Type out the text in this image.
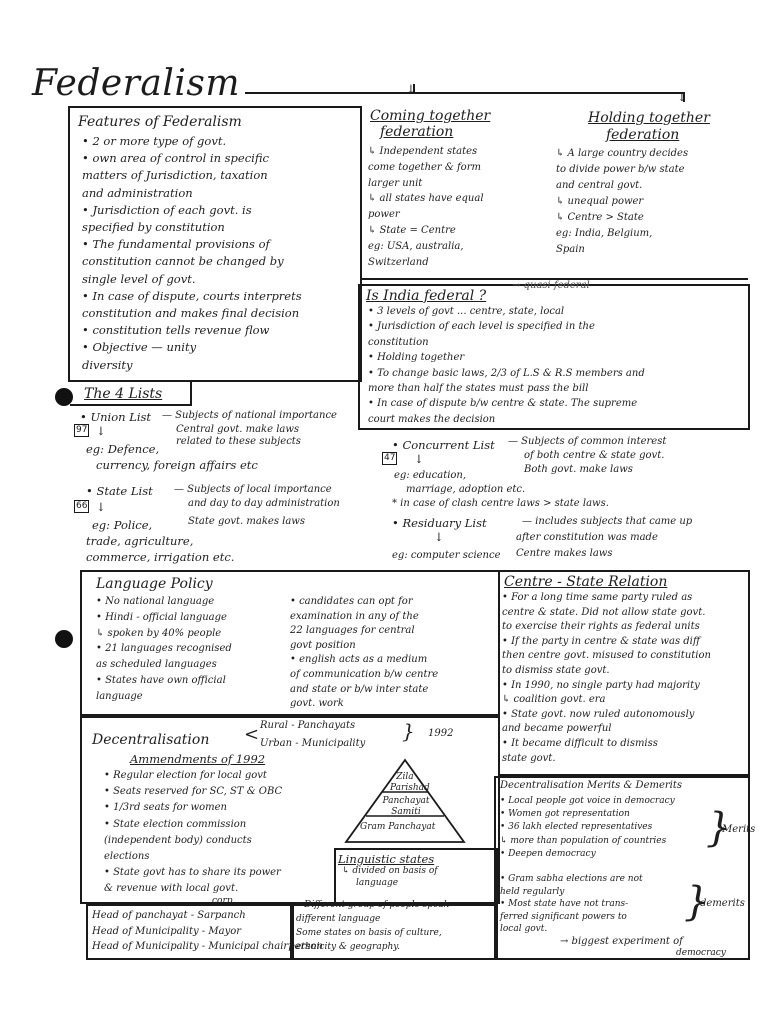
Federalism	↓
↓
Features of Federalism
• 2 or more type of govt.
• own area of control in specific
matters of Jurisdiction, taxation
and administration
• Jurisdiction of each govt. is
specified by constitution
• The fundamental provisions of
constitution cannot be changed by
single level of govt.
• In case of dispute, courts interprets
constitution and makes final decision
• constitution tells revenue flow
• Objective — unity
diversity
Coming together
federation
↳ Independent states
come together & form
larger unit
↳ all states have equal
power
↳ State = Centre
eg: USA, australia,
Switzerland
Holding together
federation
↳ A large country decides
to divide power b/w state
and central govt.
↳ unequal power
↳ Centre > State
eg: India, Belgium,
Spain
Is India federal ?
→ quasi federal
• 3 levels of govt ... centre, state, local
• Jurisdiction of each level is specified in the
constitution
• Holding together
• To change basic laws, 2/3 of L.S & R.S members and
more than half the states must pass the bill
• In case of dispute b/w centre & state. The supreme
court makes the decision
The 4 Lists
• Union List
97 ↓
— Subjects of national importance
Central govt. make laws
related to these subjects
eg: Defence,
currency, foreign affairs etc
• State List
66 ↓
— Subjects of local importance
and day to day administration
State govt. makes laws
eg: Police,
trade, agriculture,
commerce, irrigation etc.
• Concurrent List
47 ↓
— Subjects of common interest
of both centre & state govt.
Both govt. make laws
eg: education,
marriage, adoption etc.
* in case of clash centre laws > state laws.
• Residuary List
↓
— includes subjects that came up
after constitution was made
Centre makes laws
eg: computer science
Language Policy
• No national language
• Hindi - official language
↳ spoken by 40% people
• 21 languages recognised
as scheduled languages
• States have own official
language
• candidates can opt for
examination in any of the
22 languages for central
govt position
• english acts as a medium
of communication b/w centre
and state or b/w inter state
govt. work
Centre - State Relation
• For a long time same party ruled as
centre & state. Did not allow state govt.
to exercise their rights as federal units
• If the party in centre & state was diff
then centre govt. misused to constitution
to dismiss state govt.
• In 1990, no single party had majority
↳ coalition govt. era
• State govt. now ruled autonomously
and became powerful
• It became difficult to dismiss
state govt.
Decentralisation < Rural - Panchayats
Urban - Municipality
} 1992
Ammendments of 1992
• Regular election for local govt
• Seats reserved for SC, ST & OBC
• 1/3rd seats for women
• State election commission
(independent body) conducts
elections
• State govt has to share its power
& revenue with local govt.
Zila Parishad
Panchayat Samiti
Gram Panchayat
Linguistic states
↳ divided on basis of
language
Head of panchayat - Sarpanch
Head of Municipality - Mayor
Head of Municipality - Municipal chairperson
corp.	• Different group of people speak
different language
Some states on basis of culture,
ethnicity & geography.
Decentralisation Merits & Demerits
• Local people got voice in democracy
• Women got representation
• 36 lakh elected representatives
↳ more than population of countries
• Deepen democracy
}
Merits
• Gram sabha elections are not
held regularly
• Most state have not trans-
ferred significant powers to
local govt.
}
demerits
→ biggest experiment of
democracy
